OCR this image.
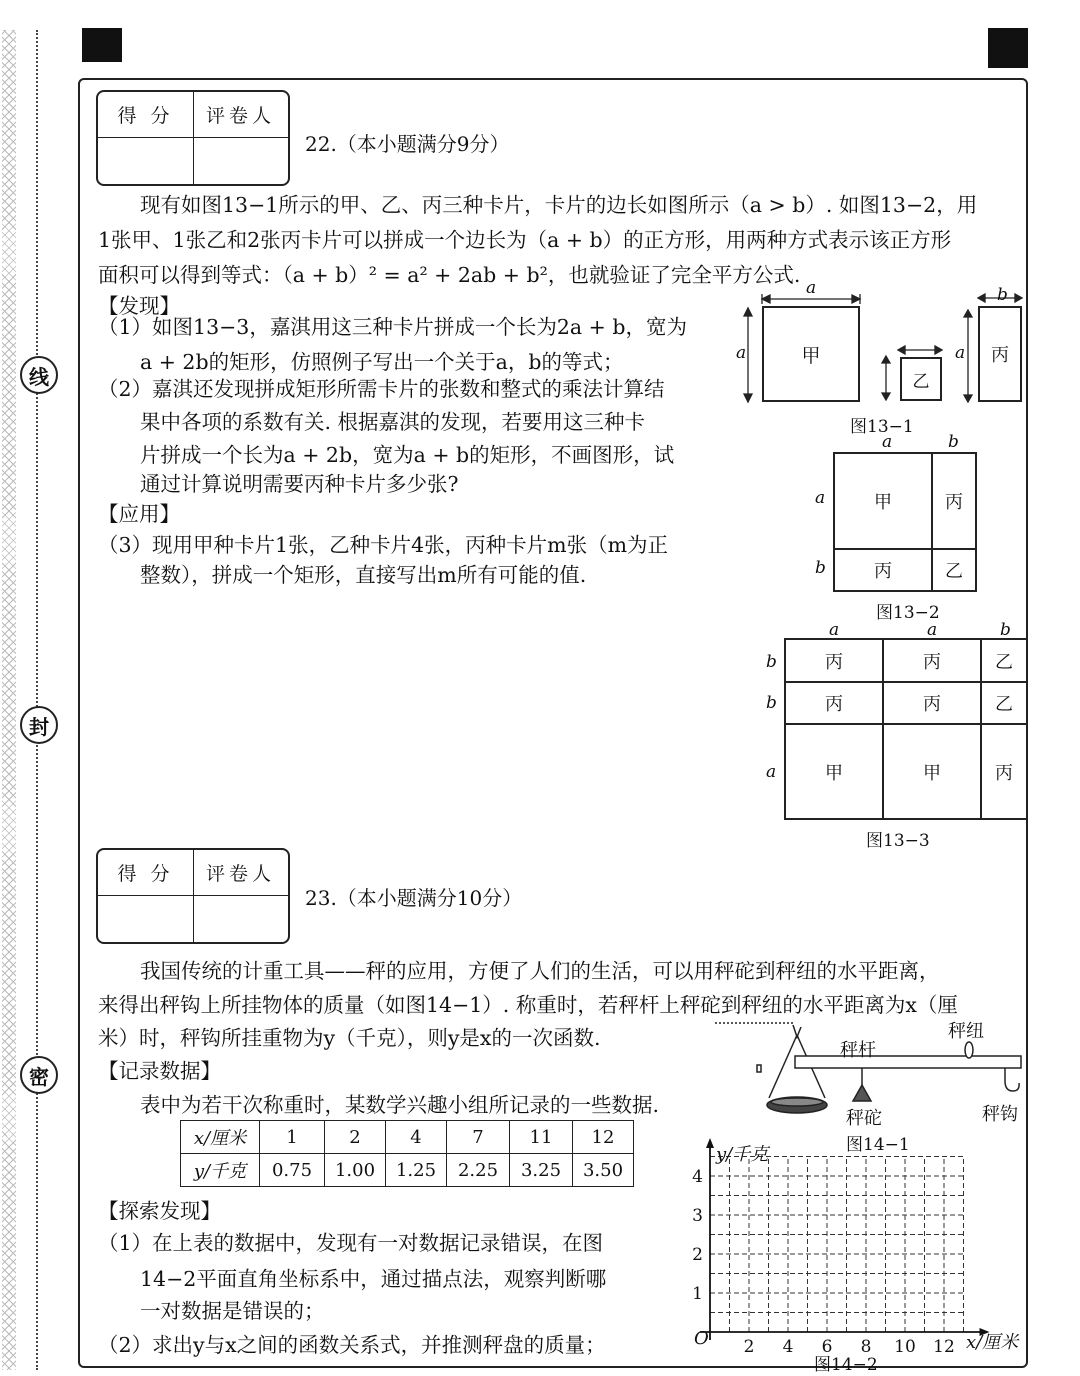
线
封
密
得 分	评卷人
22.（本小题满分9分）
现有如图13−1所示的甲、乙、丙三种卡片，卡片的边长如图所示（a > b）. 如图13−2，用
1张甲、1张乙和2张丙卡片可以拼成一个边长为（a + b）的正方形，用两种方式表示该正方形
面积可以得到等式：（a + b）² = a² + 2ab + b²，也就验证了完全平方公式.
【发现】
（1）如图13−3，嘉淇用这三种卡片拼成一个长为2a + b，宽为
a + 2b的矩形，仿照例子写出一个关于a，b的等式；
（2）嘉淇还发现拼成矩形所需卡片的张数和整式的乘法计算结
果中各项的系数有关. 根据嘉淇的发现，若要用这三种卡
片拼成一个长为a + 2b，宽为a + b的矩形，不画图形，试
通过计算说明需要丙种卡片多少张?
【应用】
（3）现用甲种卡片1张，乙种卡片4张，丙种卡片m张（m为正
整数），拼成一个矩形，直接写出m所有可能的值.
甲
乙
丙
a
a
b
a
图13−1
a	b
a
b
甲	丙
丙	乙
图13−2
a	a	b
b
b
a
丙	丙	乙
丙	丙	乙
甲	甲	丙
图13−3
得 分	评卷人
23.（本小题满分10分）
我国传统的计重工具——秤的应用，方便了人们的生活，可以用秤砣到秤纽的水平距离，
来得出秤钩上所挂物体的质量（如图14−1）. 称重时，若秤杆上秤砣到秤纽的水平距离为x（厘
米）时，秤钩所挂重物为y（千克），则y是x的一次函数.
【记录数据】
表中为若干次称重时，某数学兴趣小组所记录的一些数据.
x/厘米	1	2	4	7	11	12
y/千克	0.75	1.00	1.25	2.25	3.25	3.50
【探索发现】
（1）在上表的数据中，发现有一对数据记录错误，在图
14−2平面直角坐标系中，通过描点法，观察判断哪
一对数据是错误的；
（2）求出y与x之间的函数关系式，并推测秤盘的质量；
秤杆
秤纽
秤砣	秤钩
图14−1
2 4 6 8 10 12
1
2
3
4
y/千克
x/厘米
O
图14−2
